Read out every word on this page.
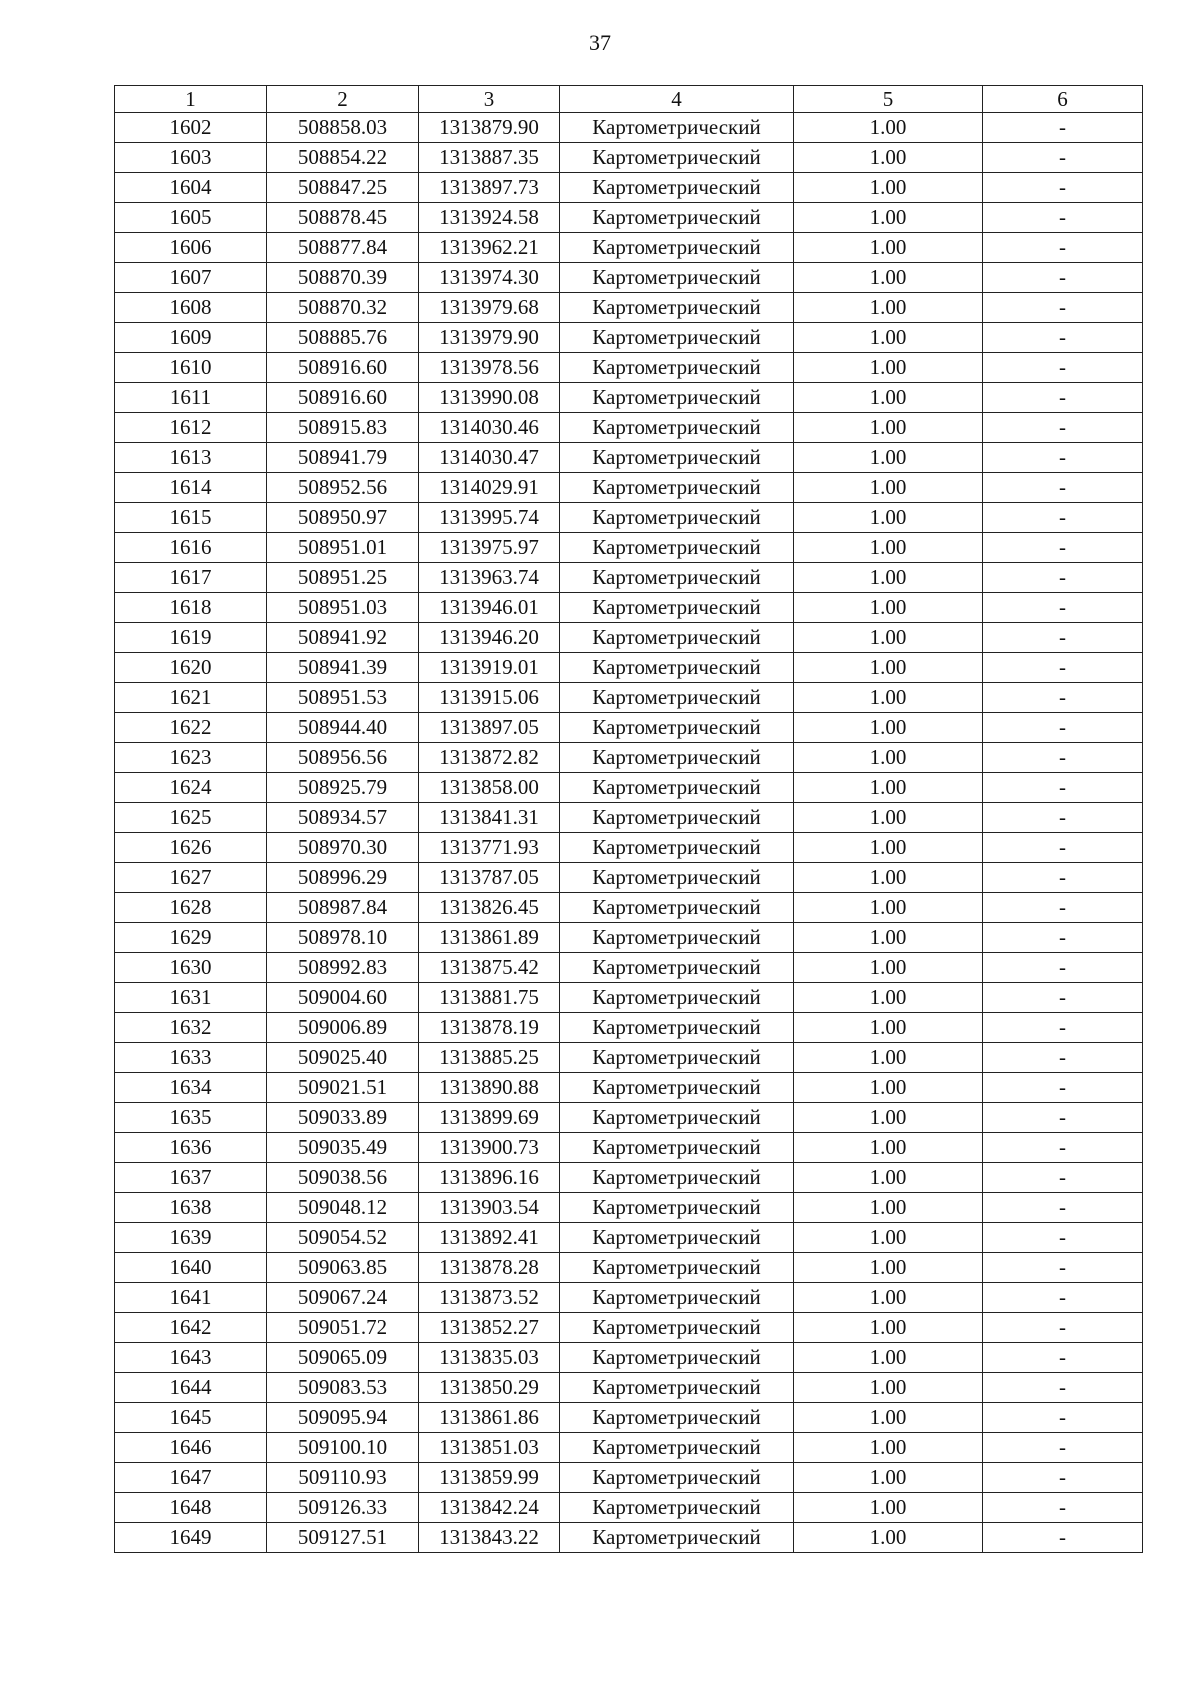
37
1	2	3	4	5	6
1602	508858.03	1313879.90	Картометрический	1.00	-
1603	508854.22	1313887.35	Картометрический	1.00	-
1604	508847.25	1313897.73	Картометрический	1.00	-
1605	508878.45	1313924.58	Картометрический	1.00	-
1606	508877.84	1313962.21	Картометрический	1.00	-
1607	508870.39	1313974.30	Картометрический	1.00	-
1608	508870.32	1313979.68	Картометрический	1.00	-
1609	508885.76	1313979.90	Картометрический	1.00	-
1610	508916.60	1313978.56	Картометрический	1.00	-
1611	508916.60	1313990.08	Картометрический	1.00	-
1612	508915.83	1314030.46	Картометрический	1.00	-
1613	508941.79	1314030.47	Картометрический	1.00	-
1614	508952.56	1314029.91	Картометрический	1.00	-
1615	508950.97	1313995.74	Картометрический	1.00	-
1616	508951.01	1313975.97	Картометрический	1.00	-
1617	508951.25	1313963.74	Картометрический	1.00	-
1618	508951.03	1313946.01	Картометрический	1.00	-
1619	508941.92	1313946.20	Картометрический	1.00	-
1620	508941.39	1313919.01	Картометрический	1.00	-
1621	508951.53	1313915.06	Картометрический	1.00	-
1622	508944.40	1313897.05	Картометрический	1.00	-
1623	508956.56	1313872.82	Картометрический	1.00	-
1624	508925.79	1313858.00	Картометрический	1.00	-
1625	508934.57	1313841.31	Картометрический	1.00	-
1626	508970.30	1313771.93	Картометрический	1.00	-
1627	508996.29	1313787.05	Картометрический	1.00	-
1628	508987.84	1313826.45	Картометрический	1.00	-
1629	508978.10	1313861.89	Картометрический	1.00	-
1630	508992.83	1313875.42	Картометрический	1.00	-
1631	509004.60	1313881.75	Картометрический	1.00	-
1632	509006.89	1313878.19	Картометрический	1.00	-
1633	509025.40	1313885.25	Картометрический	1.00	-
1634	509021.51	1313890.88	Картометрический	1.00	-
1635	509033.89	1313899.69	Картометрический	1.00	-
1636	509035.49	1313900.73	Картометрический	1.00	-
1637	509038.56	1313896.16	Картометрический	1.00	-
1638	509048.12	1313903.54	Картометрический	1.00	-
1639	509054.52	1313892.41	Картометрический	1.00	-
1640	509063.85	1313878.28	Картометрический	1.00	-
1641	509067.24	1313873.52	Картометрический	1.00	-
1642	509051.72	1313852.27	Картометрический	1.00	-
1643	509065.09	1313835.03	Картометрический	1.00	-
1644	509083.53	1313850.29	Картометрический	1.00	-
1645	509095.94	1313861.86	Картометрический	1.00	-
1646	509100.10	1313851.03	Картометрический	1.00	-
1647	509110.93	1313859.99	Картометрический	1.00	-
1648	509126.33	1313842.24	Картометрический	1.00	-
1649	509127.51	1313843.22	Картометрический	1.00	-
